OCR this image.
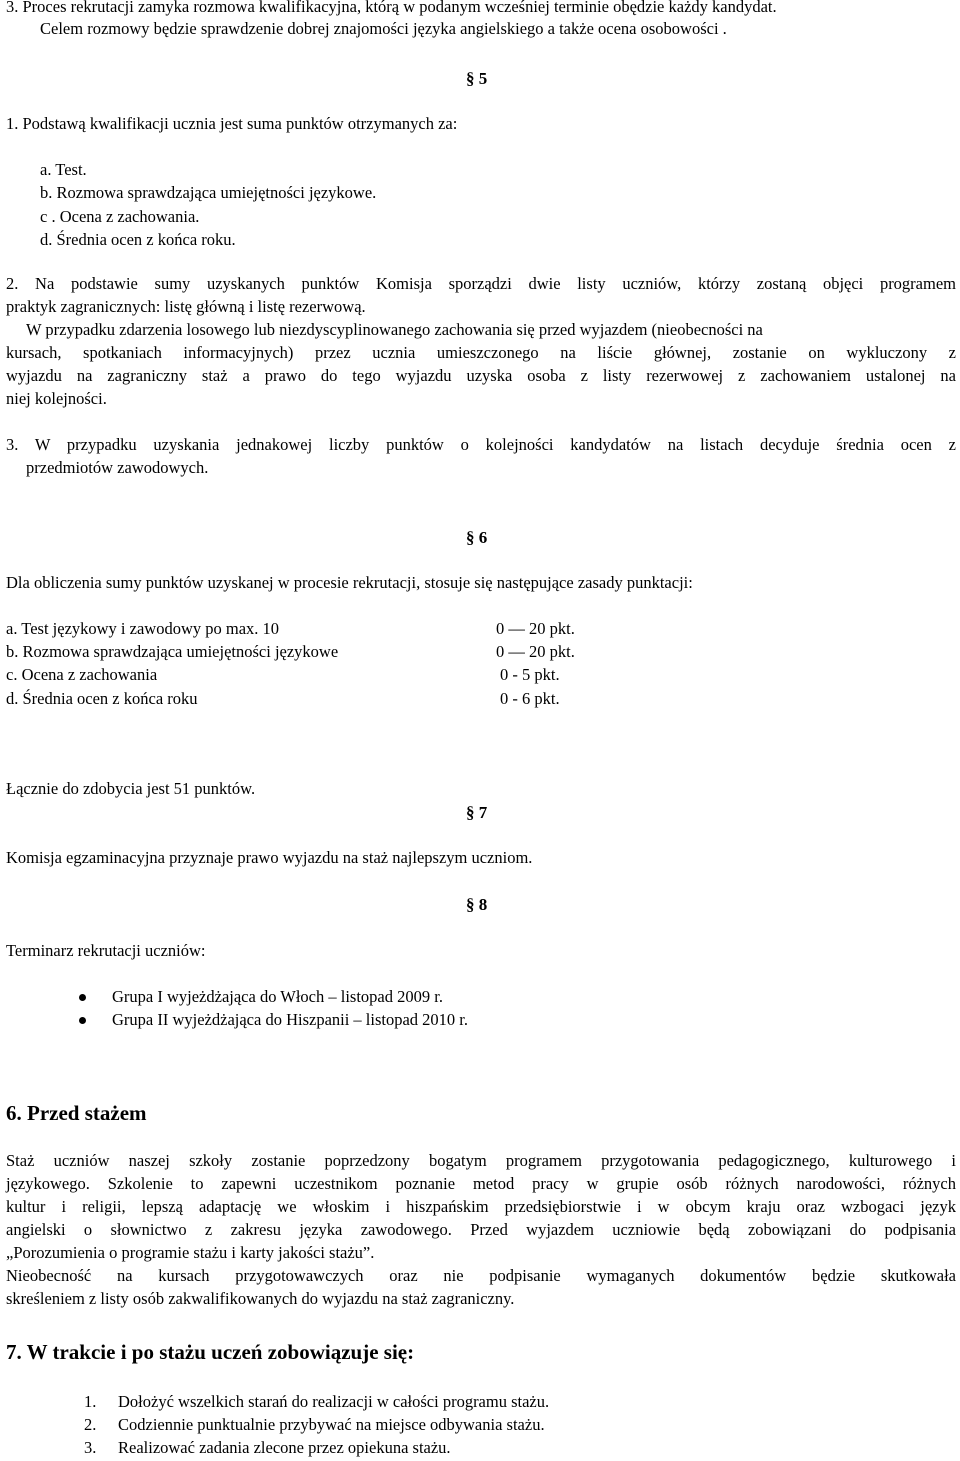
3. Proces rekrutacji zamyka rozmowa kwalifikacyjna, którą w podanym wcześniej terminie obędzie każdy kandydat.
Celem rozmowy będzie sprawdzenie dobrej znajomości języka angielskiego a także ocena osobowości .
§ 5
1. Podstawą kwalifikacji ucznia jest suma punktów otrzymanych za:
a. Test.
b. Rozmowa sprawdzająca umiejętności językowe.
c . Ocena z zachowania.
d. Średnia ocen z końca roku.
2. Na podstawie sumy uzyskanych punktów Komisja sporządzi dwie listy uczniów, którzy zostaną objęci programem
praktyk zagranicznych: listę główną i listę rezerwową.
W przypadku zdarzenia losowego lub niezdyscyplinowanego zachowania się przed wyjazdem (nieobecności na
kursach, spotkaniach informacyjnych) przez ucznia umieszczonego na liście głównej, zostanie on wykluczony z
wyjazdu na zagraniczny staż a prawo do tego wyjazdu uzyska osoba z listy rezerwowej z zachowaniem ustalonej na
niej kolejności.
3. W przypadku uzyskania jednakowej liczby punktów o kolejności kandydatów na listach decyduje średnia ocen z
przedmiotów zawodowych.
§ 6
Dla obliczenia sumy punktów uzyskanej w procesie rekrutacji, stosuje się następujące zasady punktacji:
a. Test językowy i zawodowy po max. 10	0 — 20 pkt.
b. Rozmowa sprawdzająca umiejętności językowe	0 — 20 pkt.
c. Ocena z zachowania	0 - 5 pkt.
d. Średnia ocen z końca roku	0 - 6 pkt.
Łącznie do zdobycia jest 51 punktów.
§ 7
Komisja egzaminacyjna przyznaje prawo wyjazdu na staż najlepszym uczniom.
§ 8
Terminarz rekrutacji uczniów:
Grupa I wyjeżdżająca do Włoch – listopad 2009 r.
Grupa II wyjeżdżająca do Hiszpanii – listopad 2010 r.
6. Przed stażem
Staż uczniów naszej szkoły zostanie poprzedzony bogatym programem przygotowania pedagogicznego, kulturowego i
językowego. Szkolenie to zapewni uczestnikom poznanie metod pracy w grupie osób różnych narodowości, różnych
kultur i religii, lepszą adaptację we włoskim i hiszpańskim przedsiębiorstwie i w obcym kraju oraz wzbogaci język
angielski o słownictwo z zakresu języka zawodowego. Przed wyjazdem uczniowie będą zobowiązani do podpisania
„Porozumienia o programie stażu i karty jakości stażu”.
Nieobecność na kursach przygotowawczych oraz nie podpisanie wymaganych dokumentów będzie skutkowała
skreśleniem z listy osób zakwalifikowanych do wyjazdu na staż zagraniczny.
7. W trakcie i po stażu uczeń zobowiązuje się:
1. Dołożyć wszelkich starań do realizacji w całości programu stażu.
2. Codziennie punktualnie przybywać na miejsce odbywania stażu.
3. Realizować zadania zlecone przez opiekuna stażu.
